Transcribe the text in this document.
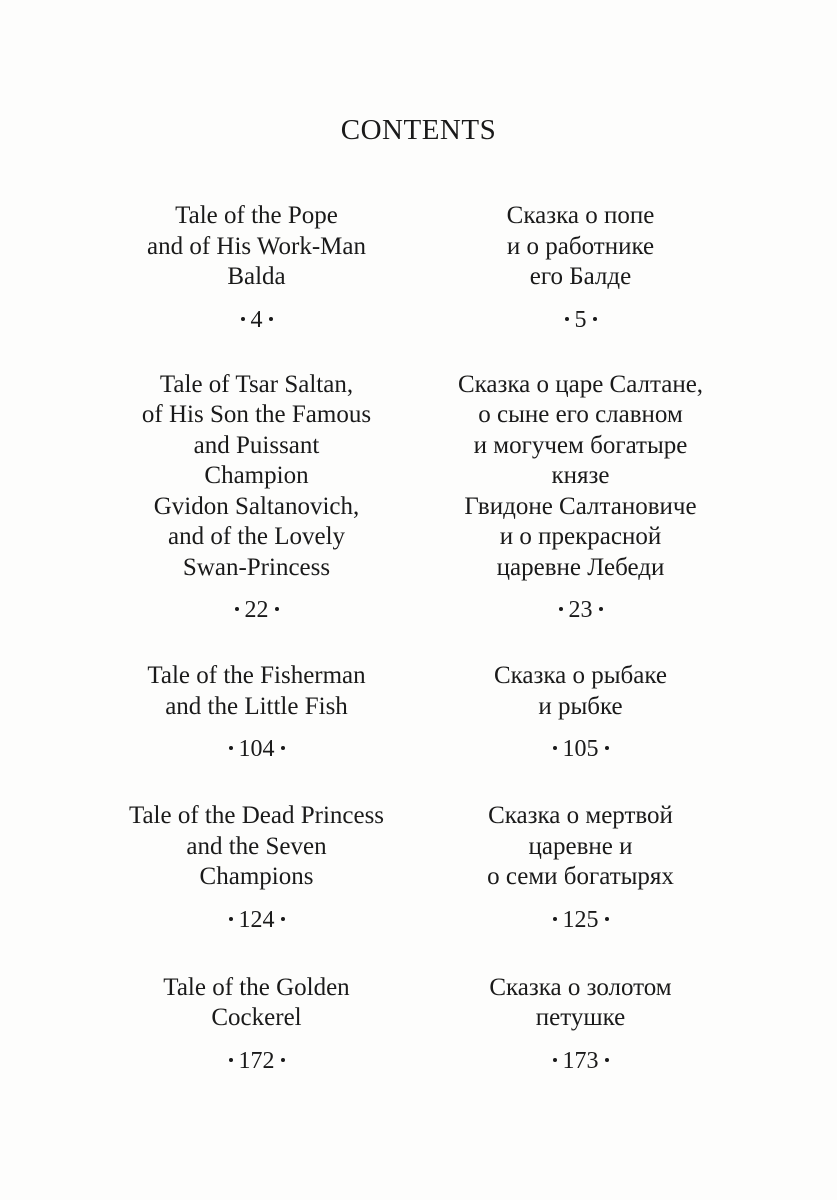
CONTENTS

Tale of the Pope
and of His Work-Man
Balda

4

Сказка о попе
и о работнике
его Балде

5

Tale of Tsar Saltan,
of His Son the Famous
and Puissant
Champion
Gvidon Saltanovich,
and of the Lovely
Swan-Princess

22

Сказка о царе Салтане,
о сыне его славном
и могучем богатыре
князе
Гвидоне Салтановиче
и о прекрасной
царевне Лебеди

23

Tale of the Fisherman
and the Little Fish

104

Сказка о рыбаке
и рыбке

105

Tale of the Dead Princess
and the Seven
Champions

124

Сказка о мертвой
царевне и
о семи богатырях

125

Tale of the Golden
Cockerel

172

Сказка о золотом
петушке

173
